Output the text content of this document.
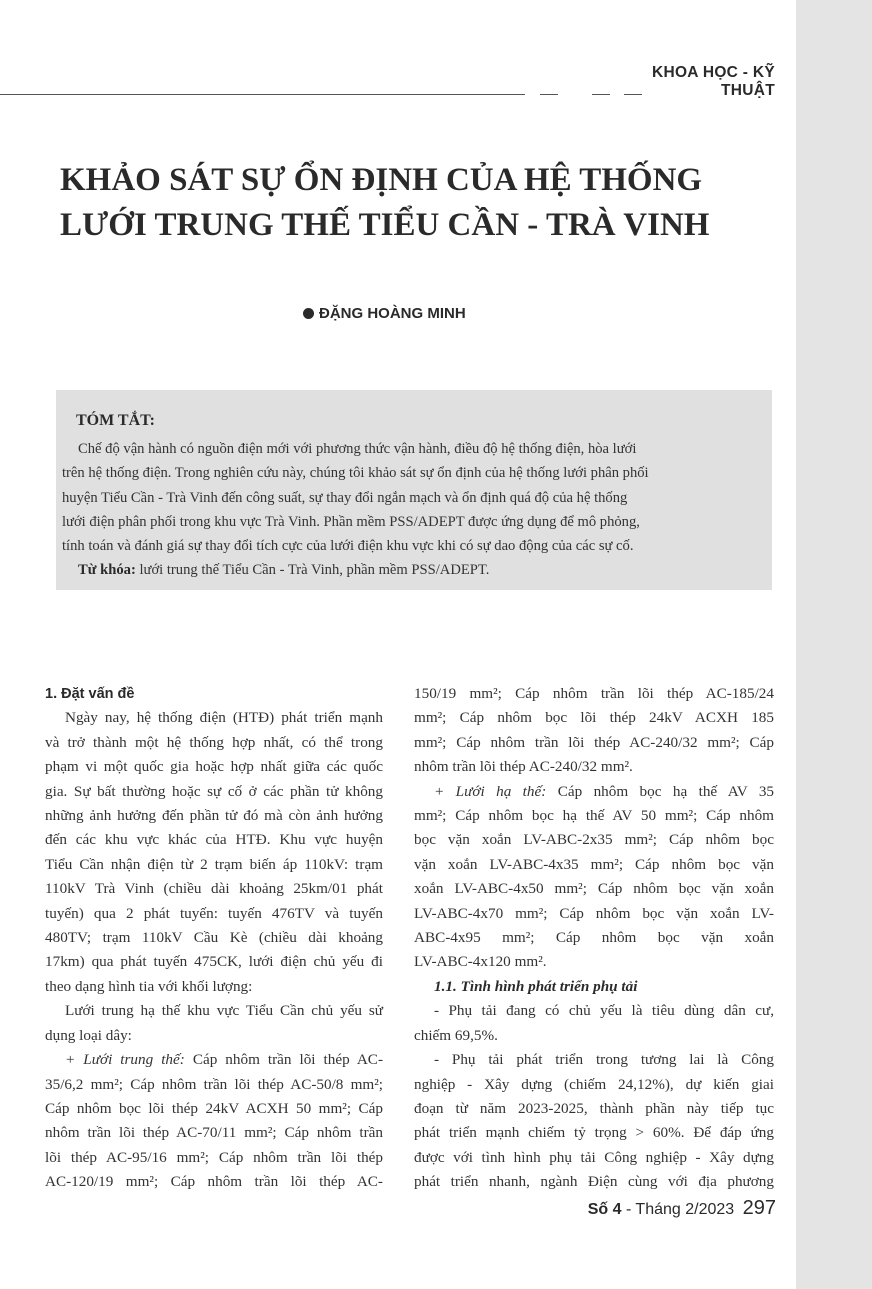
KHOA HỌC - KỸ THUẬT
KHẢO SÁT SỰ ỔN ĐỊNH CỦA HỆ THỐNG
LƯỚI TRUNG THẾ TIỂU CẦN - TRÀ VINH
ĐẶNG HOÀNG MINH
TÓM TẮT:
Chế độ vận hành có nguồn điện mới với phương thức vận hành, điều độ hệ thống điện, hòa lưới
trên hệ thống điện. Trong nghiên cứu này, chúng tôi khảo sát sự ổn định của hệ thống lưới phân phối
huyện Tiểu Cần - Trà Vinh đến công suất, sự thay đổi ngắn mạch và ổn định quá độ của hệ thống
lưới điện phân phối trong khu vực Trà Vinh. Phần mềm PSS/ADEPT được ứng dụng để mô phỏng,
tính toán và đánh giá sự thay đổi tích cực của lưới điện khu vực khi có sự dao động của các sự cố.
Từ khóa: lưới trung thế Tiểu Cần - Trà Vinh, phần mềm PSS/ADEPT.
1. Đặt vấn đề
Ngày nay, hệ thống điện (HTĐ) phát triển mạnh
và trở thành một hệ thống hợp nhất, có thể trong
phạm vi một quốc gia hoặc hợp nhất giữa các quốc
gia. Sự bất thường hoặc sự cố ở các phần tử không
những ảnh hưởng đến phần tử đó mà còn ảnh hưởng
đến các khu vực khác của HTĐ. Khu vực huyện
Tiểu Cần nhận điện từ 2 trạm biến áp 110kV: trạm
110kV Trà Vinh (chiều dài khoảng 25km/01 phát
tuyến) qua 2 phát tuyến: tuyến 476TV và tuyến
480TV; trạm 110kV Cầu Kè (chiều dài khoảng
17km) qua phát tuyến 475CK, lưới điện chủ yếu đi
theo dạng hình tia với khối lượng:
Lưới trung hạ thế khu vực Tiểu Cần chủ yếu sử
dụng loại dây:
+ Lưới trung thế: Cáp nhôm trần lõi thép AC-
35/6,2 mm²; Cáp nhôm trần lõi thép AC-50/8 mm²;
Cáp nhôm bọc lõi thép 24kV ACXH 50 mm²; Cáp
nhôm trần lõi thép AC-70/11 mm²; Cáp nhôm trần
lõi thép AC-95/16 mm²; Cáp nhôm trần lõi thép
AC-120/19 mm²; Cáp nhôm trần lõi thép AC-
150/19 mm²; Cáp nhôm trần lõi thép AC-185/24
mm²; Cáp nhôm bọc lõi thép 24kV ACXH 185
mm²; Cáp nhôm trần lõi thép AC-240/32 mm²; Cáp
nhôm trần lõi thép AC-240/32 mm².
+ Lưới hạ thế: Cáp nhôm bọc hạ thế AV 35
mm²; Cáp nhôm bọc hạ thế AV 50 mm²; Cáp nhôm
bọc vặn xoắn LV-ABC-2x35 mm²; Cáp nhôm bọc
vặn xoắn LV-ABC-4x35 mm²; Cáp nhôm bọc vặn
xoắn LV-ABC-4x50 mm²; Cáp nhôm bọc vặn xoắn
LV-ABC-4x70 mm²; Cáp nhôm bọc vặn xoắn LV-
ABC-4x95 mm²; Cáp nhôm bọc vặn xoắn
LV-ABC-4x120 mm².
1.1. Tình hình phát triển phụ tải
- Phụ tải đang có chủ yếu là tiêu dùng dân cư,
chiếm 69,5%.
- Phụ tải phát triển trong tương lai là Công
nghiệp - Xây dựng (chiếm 24,12%), dự kiến giai
đoạn từ năm 2023-2025, thành phần này tiếp tục
phát triển mạnh chiếm tỷ trọng > 60%. Để đáp ứng
được với tình hình phụ tải Công nghiệp - Xây dựng
phát triển nhanh, ngành Điện cùng với địa phương
Số 4 - Tháng 2/2023 297
